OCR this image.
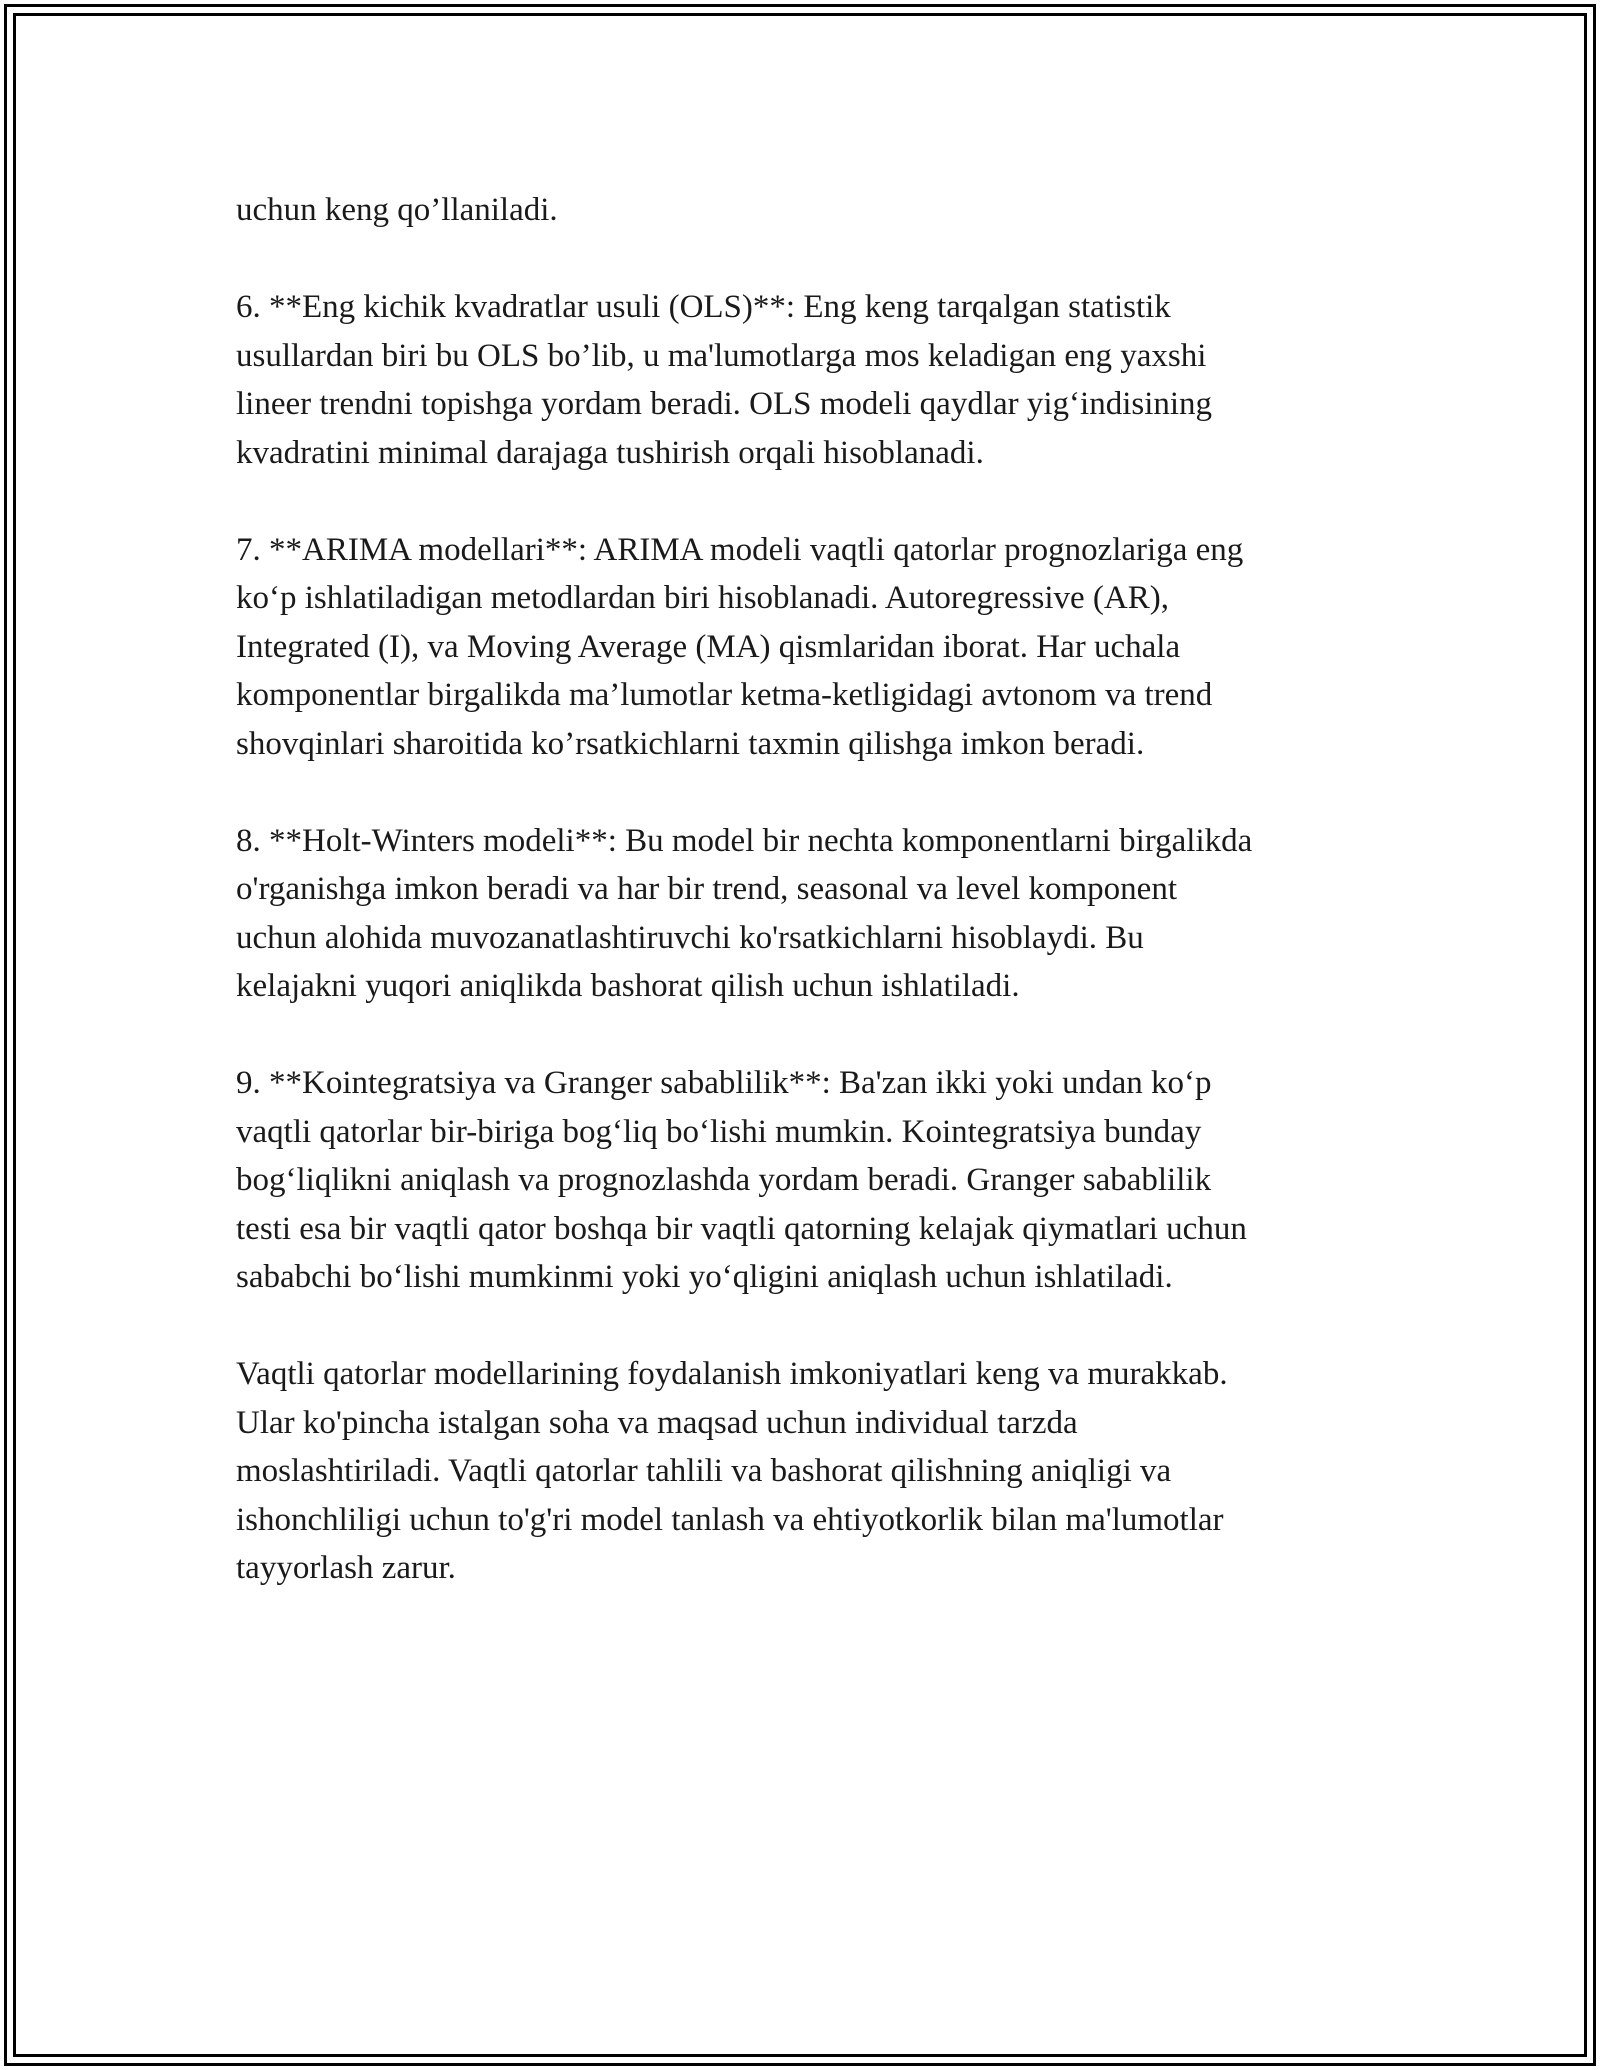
uchun keng qo’llaniladi.

6. **Eng kichik kvadratlar usuli (OLS)**: Eng keng tarqalgan statistik
usullardan biri bu OLS bo’lib, u ma'lumotlarga mos keladigan eng yaxshi
lineer trendni topishga yordam beradi. OLS modeli qaydlar yig‘indisining
kvadratini minimal darajaga tushirish orqali hisoblanadi.

7. **ARIMA modellari**: ARIMA modeli vaqtli qatorlar prognozlariga eng
ko‘p ishlatiladigan metodlardan biri hisoblanadi. Autoregressive (AR),
Integrated (I), va Moving Average (MA) qismlaridan iborat. Har uchala
komponentlar birgalikda ma’lumotlar ketma-ketligidagi avtonom va trend
shovqinlari sharoitida ko’rsatkichlarni taxmin qilishga imkon beradi.

8. **Holt-Winters modeli**: Bu model bir nechta komponentlarni birgalikda
o'rganishga imkon beradi va har bir trend, seasonal va level komponent
uchun alohida muvozanatlashtiruvchi ko'rsatkichlarni hisoblaydi. Bu
kelajakni yuqori aniqlikda bashorat qilish uchun ishlatiladi.

9. **Kointegratsiya va Granger sabablilik**: Ba'zan ikki yoki undan ko‘p
vaqtli qatorlar bir-biriga bog‘liq bo‘lishi mumkin. Kointegratsiya bunday
bog‘liqlikni aniqlash va prognozlashda yordam beradi. Granger sabablilik
testi esa bir vaqtli qator boshqa bir vaqtli qatorning kelajak qiymatlari uchun
sababchi bo‘lishi mumkinmi yoki yo‘qligini aniqlash uchun ishlatiladi.

Vaqtli qatorlar modellarining foydalanish imkoniyatlari keng va murakkab.
Ular ko'pincha istalgan soha va maqsad uchun individual tarzda
moslashtiriladi. Vaqtli qatorlar tahlili va bashorat qilishning aniqligi va
ishonchliligi uchun to'g'ri model tanlash va ehtiyotkorlik bilan ma'lumotlar
tayyorlash zarur.
